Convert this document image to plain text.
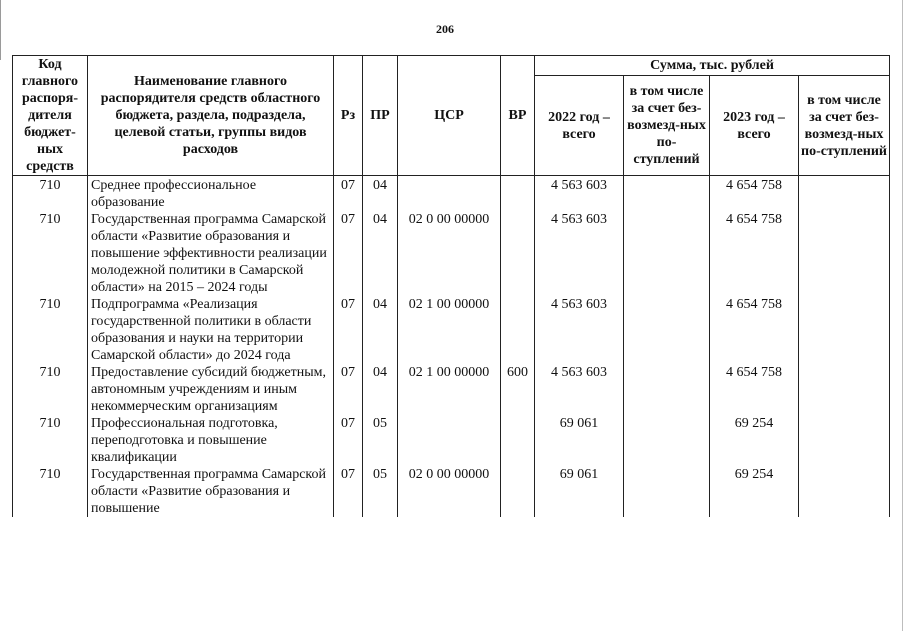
206
Код главного распоря-дителя бюджет-ных средств	Наименование главного распорядителя средств областного бюджета, раздела, подраздела, целевой статьи, группы видов расходов	Рз	ПР	ЦСР	ВР	Сумма, тыс. рублей			
						2022 год – всего	в том числе за счет без-возмезд-ных по-ступлений	2023 год – всего	в том числе за счет без-возмезд-ных по-ступлений
710	Среднее профессиональное образование	07	04			4 563 603		4 654 758	
710	Государственная программа Самарской области «Развитие образования и повышение эффективности реализации молодежной политики в Самарской области» на 2015 – 2024 годы	07	04	02 0 00 00000		4 563 603		4 654 758	
710	Подпрограмма «Реализация государственной политики в области образования и науки на территории Самарской области» до 2024 года	07	04	02 1 00 00000		4 563 603		4 654 758	
710	Предоставление субсидий бюджетным, автономным учреждениям и иным некоммерческим организациям	07	04	02 1 00 00000	600	4 563 603		4 654 758	
710	Профессиональная подготовка, переподготовка и повышение квалификации	07	05			69 061		69 254	
710	Государственная программа Самарской области «Развитие образования и повышение	07	05	02 0 00 00000		69 061		69 254	
